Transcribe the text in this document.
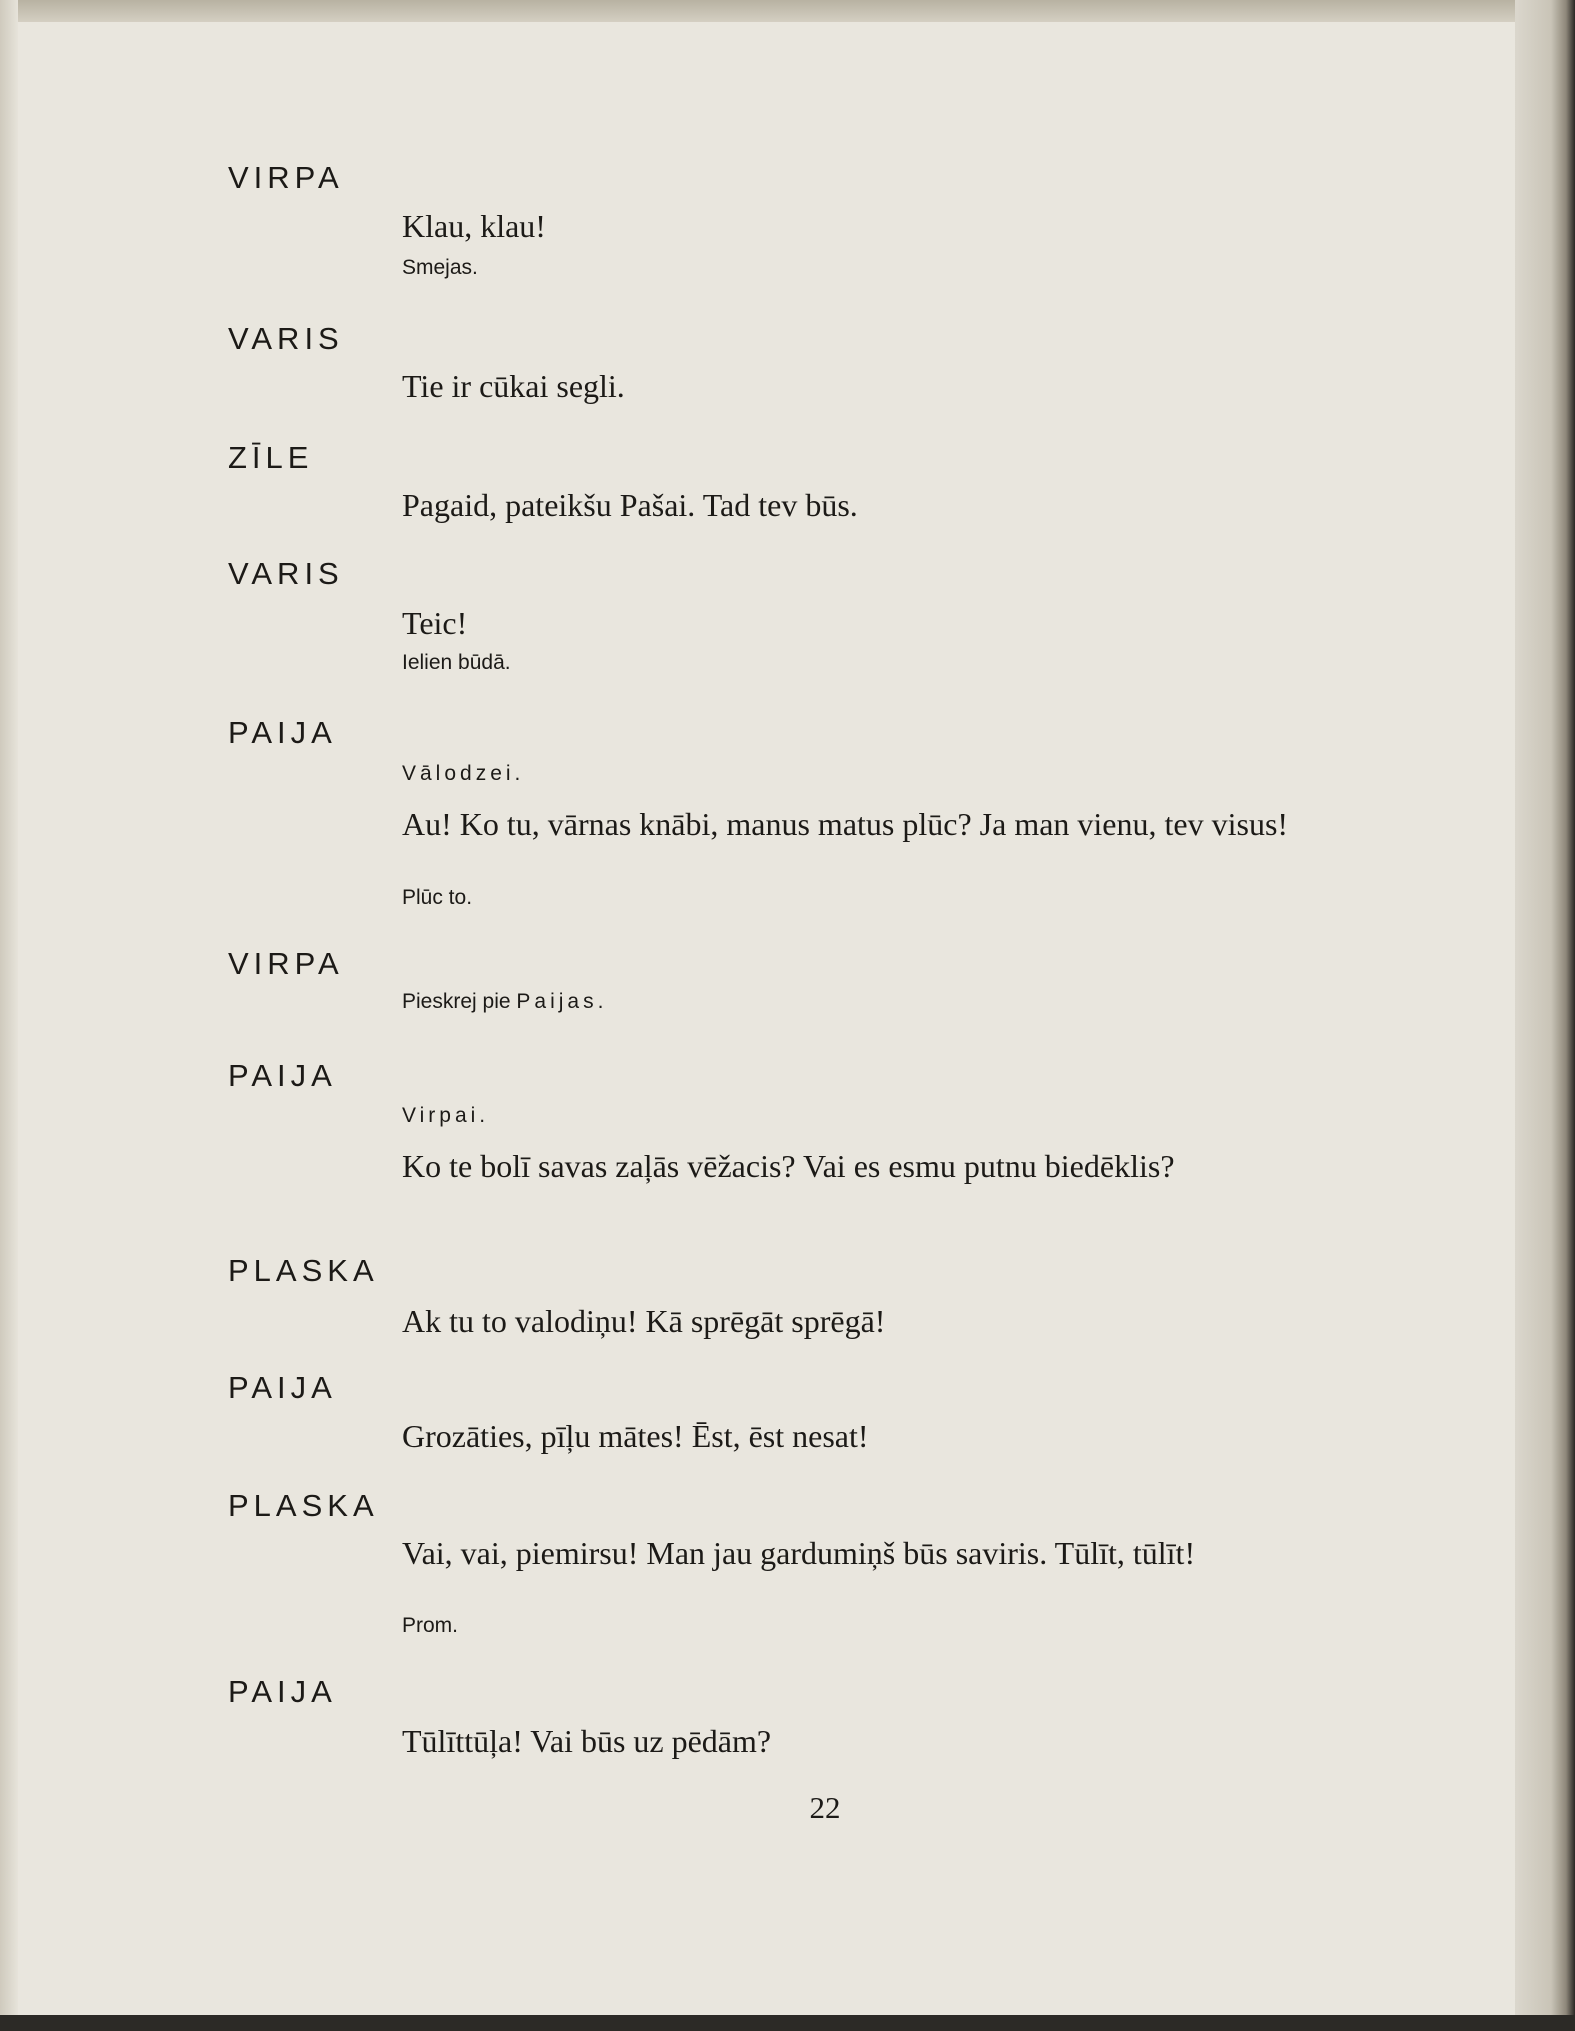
VIRPA
Klau, klau!
Smejas.
VARIS
Tie ir cūkai segli.
ZĪLE
Pagaid, pateikšu Pašai. Tad tev būs.
VARIS
Teic!
Ielien būdā.
PAIJA
Vālodzei.
Au! Ko tu, vārnas knābi, manus matus plūc? Ja man vienu, tev visus!
Plūc to.
VIRPA
Pieskrej pie Paijas.
PAIJA
Virpai.
Ko te bolī savas zaļās vēžacis? Vai es esmu putnu biedēklis?
PLASKA
Ak tu to valodiņu! Kā sprēgāt sprēgā!
PAIJA
Grozāties, pīļu mātes! Ēst, ēst nesat!
PLASKA
Vai, vai, piemirsu! Man jau gardumiņš būs saviris. Tūlīt, tūlīt!
Prom.
PAIJA
Tūlīttūļa! Vai būs uz pēdām?
22
